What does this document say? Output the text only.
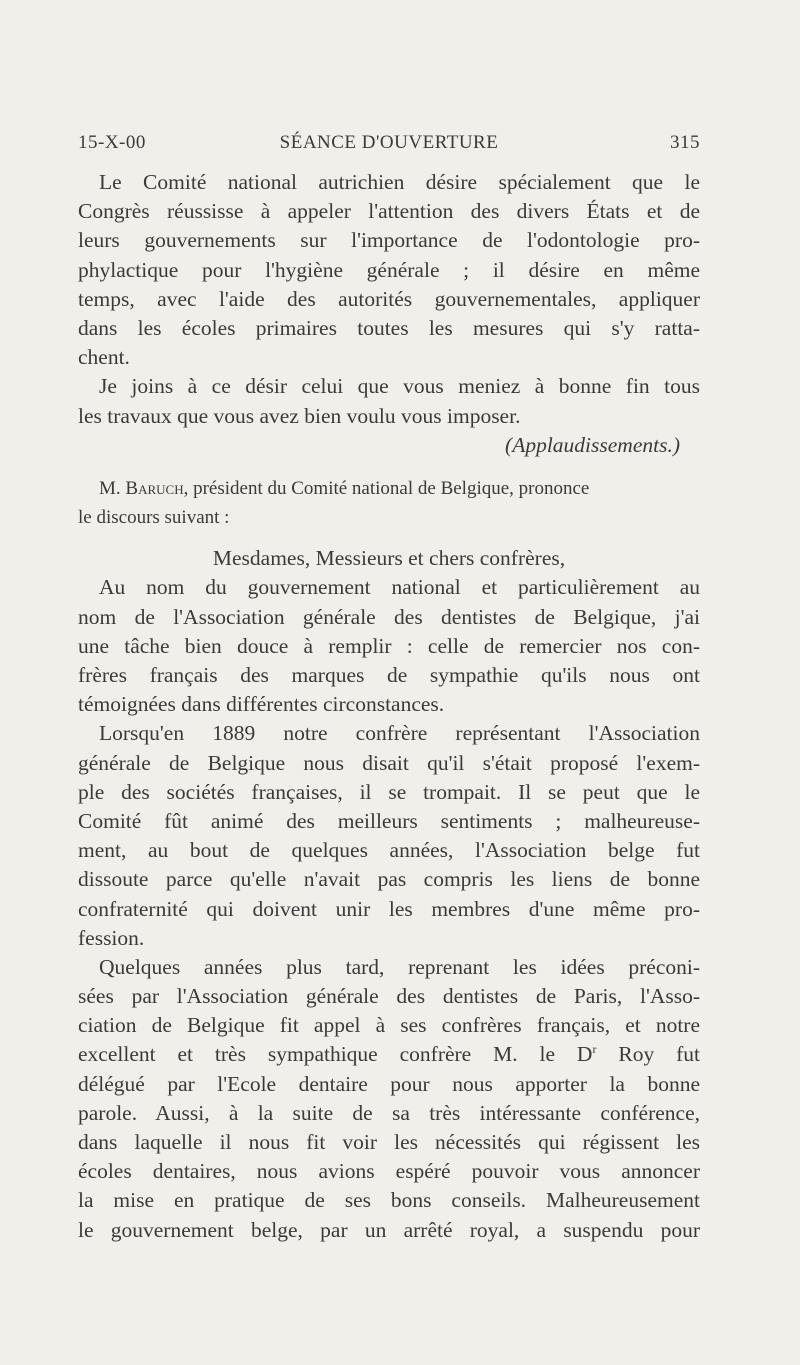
15-X-00	SÉANCE D'OUVERTURE	315
Le Comité national autrichien désire spécialement que le
Congrès réussisse à appeler l'attention des divers États et de
leurs gouvernements sur l'importance de l'odontologie pro-
phylactique pour l'hygiène générale ; il désire en même
temps, avec l'aide des autorités gouvernementales, appliquer
dans les écoles primaires toutes les mesures qui s'y ratta-
chent.
Je joins à ce désir celui que vous meniez à bonne fin tous
les travaux que vous avez bien voulu vous imposer.
(Applaudissements.)
M. Baruch, président du Comité national de Belgique, prononce
le discours suivant :
Mesdames, Messieurs et chers confrères,
Au nom du gouvernement national et particulièrement au
nom de l'Association générale des dentistes de Belgique, j'ai
une tâche bien douce à remplir : celle de remercier nos con-
frères français des marques de sympathie qu'ils nous ont
témoignées dans différentes circonstances.
Lorsqu'en 1889 notre confrère représentant l'Association
générale de Belgique nous disait qu'il s'était proposé l'exem-
ple des sociétés françaises, il se trompait. Il se peut que le
Comité fût animé des meilleurs sentiments ; malheureuse-
ment, au bout de quelques années, l'Association belge fut
dissoute parce qu'elle n'avait pas compris les liens de bonne
confraternité qui doivent unir les membres d'une même pro-
fession.
Quelques années plus tard, reprenant les idées préconi-
sées par l'Association générale des dentistes de Paris, l'Asso-
ciation de Belgique fit appel à ses confrères français, et notre
excellent et très sympathique confrère M. le $D^r$ Roy fut
délégué par l'Ecole dentaire pour nous apporter la bonne
parole. Aussi, à la suite de sa très intéressante conférence,
dans laquelle il nous fit voir les nécessités qui régissent les
écoles dentaires, nous avions espéré pouvoir vous annoncer
la mise en pratique de ses bons conseils. Malheureusement
le gouvernement belge, par un arrêté royal, a suspendu pour
